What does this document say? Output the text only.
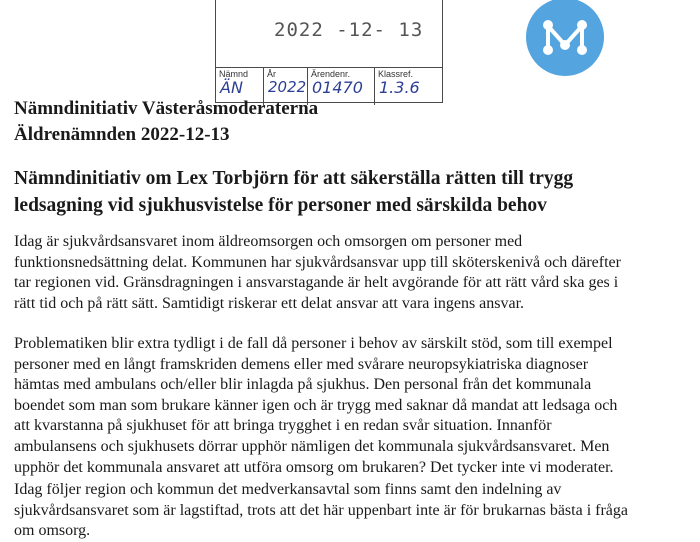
2022 -12- 13
Nämnd
ÄN
År
2022
Ärendenr.
01470
Klassref.
1.3.6
Nämndinitiativ Västeråsmoderaterna
Äldrenämnden 2022-12-13
Nämndinitiativ om Lex Torbjörn för att säkerställa rätten till trygg
ledsagning vid sjukhusvistelse för personer med särskilda behov
Idag är sjukvårdsansvaret inom äldreomsorgen och omsorgen om personer med
funktionsnedsättning delat. Kommunen har sjukvårdsansvar upp till sköterskenivå och därefter
tar regionen vid. Gränsdragningen i ansvarstagande är helt avgörande för att rätt vård ska ges i
rätt tid och på rätt sätt. Samtidigt riskerar ett delat ansvar att vara ingens ansvar.
Problematiken blir extra tydligt i de fall då personer i behov av särskilt stöd, som till exempel
personer med en långt framskriden demens eller med svårare neuropsykiatriska diagnoser
hämtas med ambulans och/eller blir inlagda på sjukhus. Den personal från det kommunala
boendet som man som brukare känner igen och är trygg med saknar då mandat att ledsaga och
att kvarstanna på sjukhuset för att bringa trygghet i en redan svår situation. Innanför
ambulansens och sjukhusets dörrar upphör nämligen det kommunala sjukvårdsansvaret. Men
upphör det kommunala ansvaret att utföra omsorg om brukaren? Det tycker inte vi moderater.
Idag följer region och kommun det medverkansavtal som finns samt den indelning av
sjukvårdsansvaret som är lagstiftad, trots att det här uppenbart inte är för brukarnas bästa i fråga
om omsorg.
